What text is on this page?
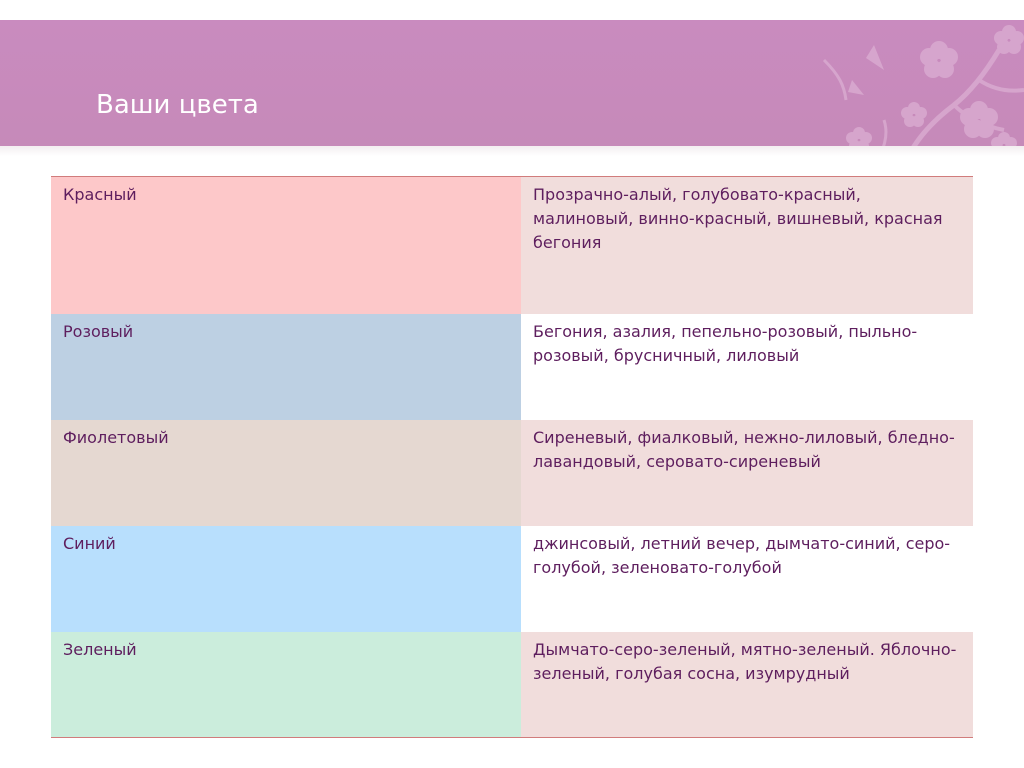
Ваши цвета
Красный	Прозрачно-алый, голубовато-красный, малиновый, винно-красный, вишневый, красная бегония
Розовый	Бегония, азалия, пепельно-розовый, пыльно-розовый, брусничный, лиловый
Фиолетовый	Сиреневый, фиалковый, нежно-лиловый, бледно-лавандовый, серовато-сиреневый
Синий	джинсовый, летний вечер, дымчато-синий, серо-голубой, зеленовато-голубой
Зеленый	Дымчато-серо-зеленый, мятно-зеленый. Яблочно-зеленый, голубая сосна, изумрудный
